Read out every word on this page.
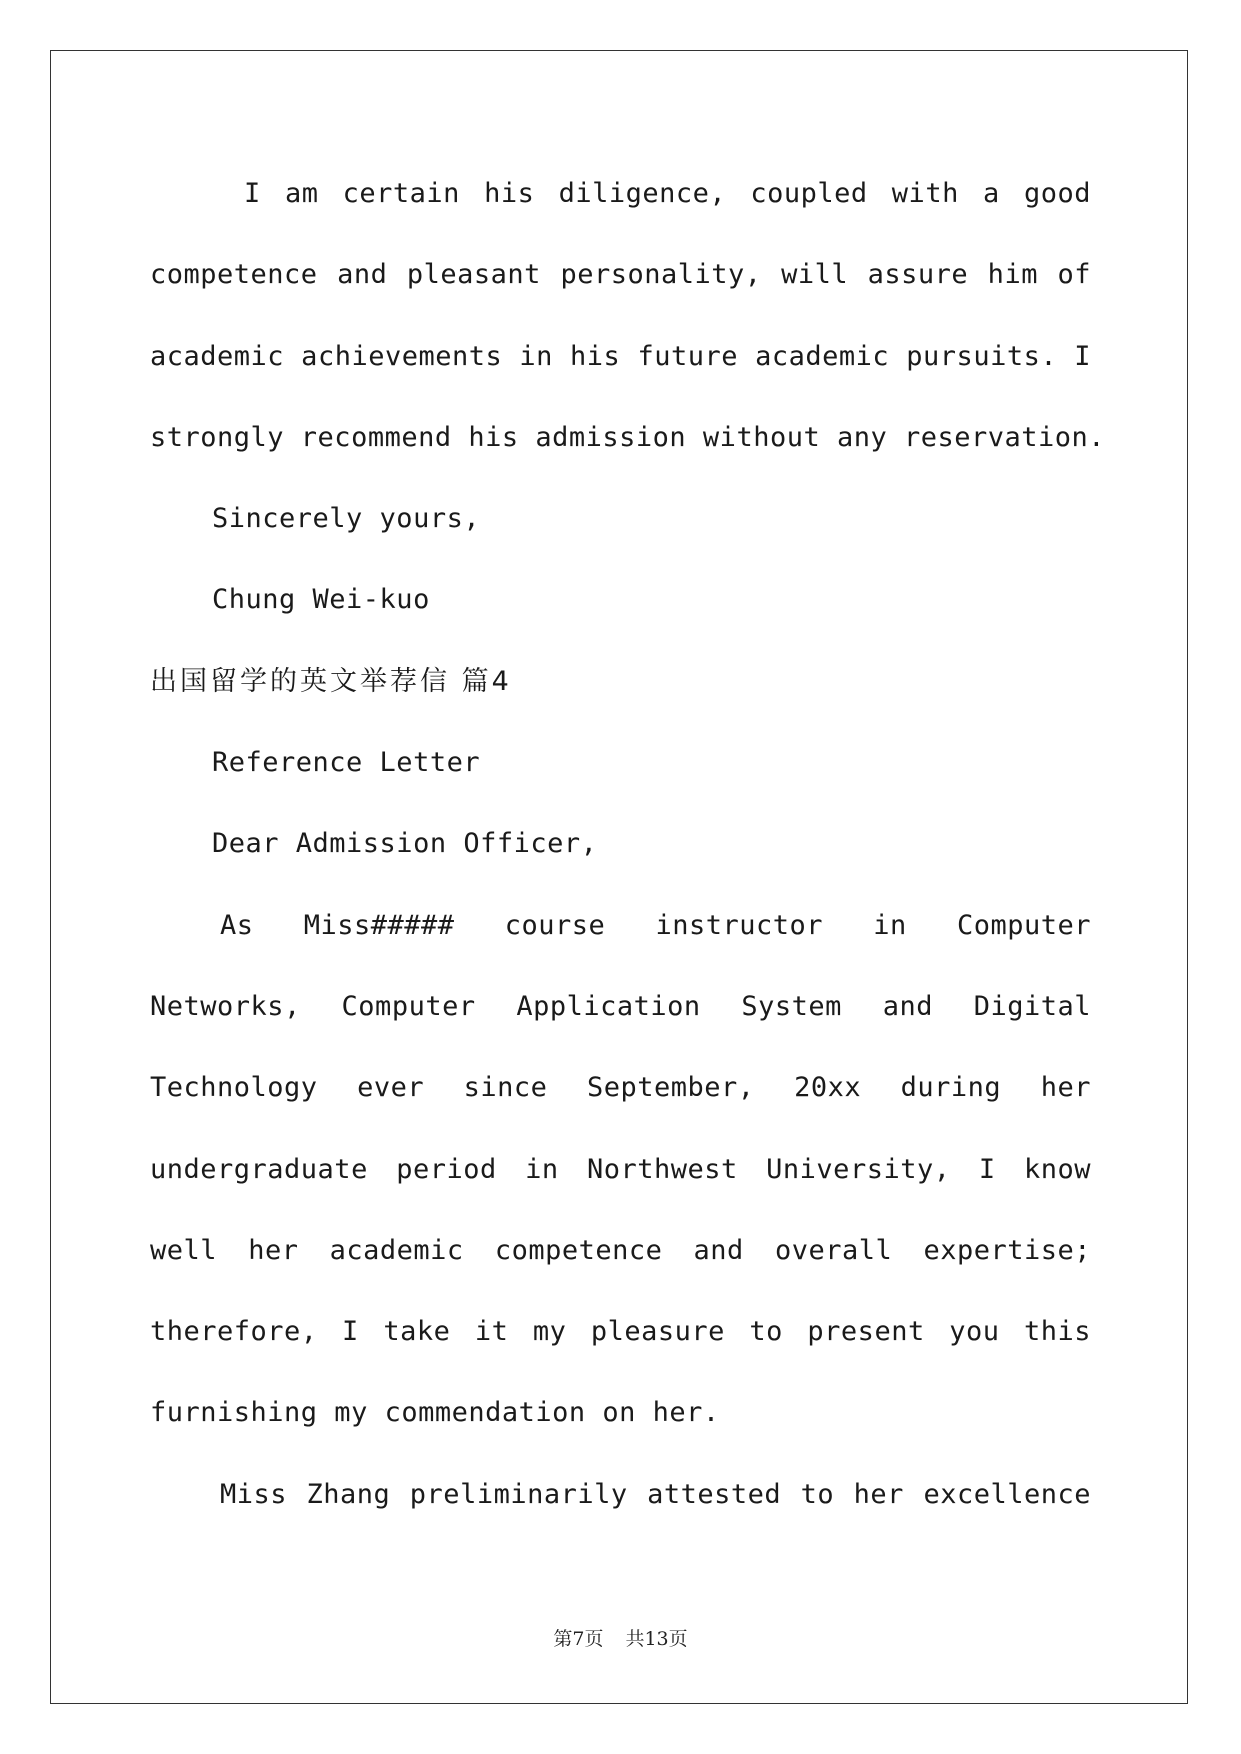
I am certain his diligence, coupled with a good
competence and pleasant personality, will assure him of
academic achievements in his future academic pursuits. I
strongly recommend his admission without any reservation.
Sincerely yours,
Chung Wei-kuo
出国留学的英文举荐信 篇4
Reference Letter
Dear Admission Officer,
As Miss##### course instructor in Computer
Networks, Computer Application System and Digital
Technology ever since September, 20xx during her
undergraduate period in Northwest University, I know
well her academic competence and overall expertise;
therefore, I take it my pleasure to present you this
furnishing my commendation on her.
Miss Zhang preliminarily attested to her excellence
第7页 共13页
